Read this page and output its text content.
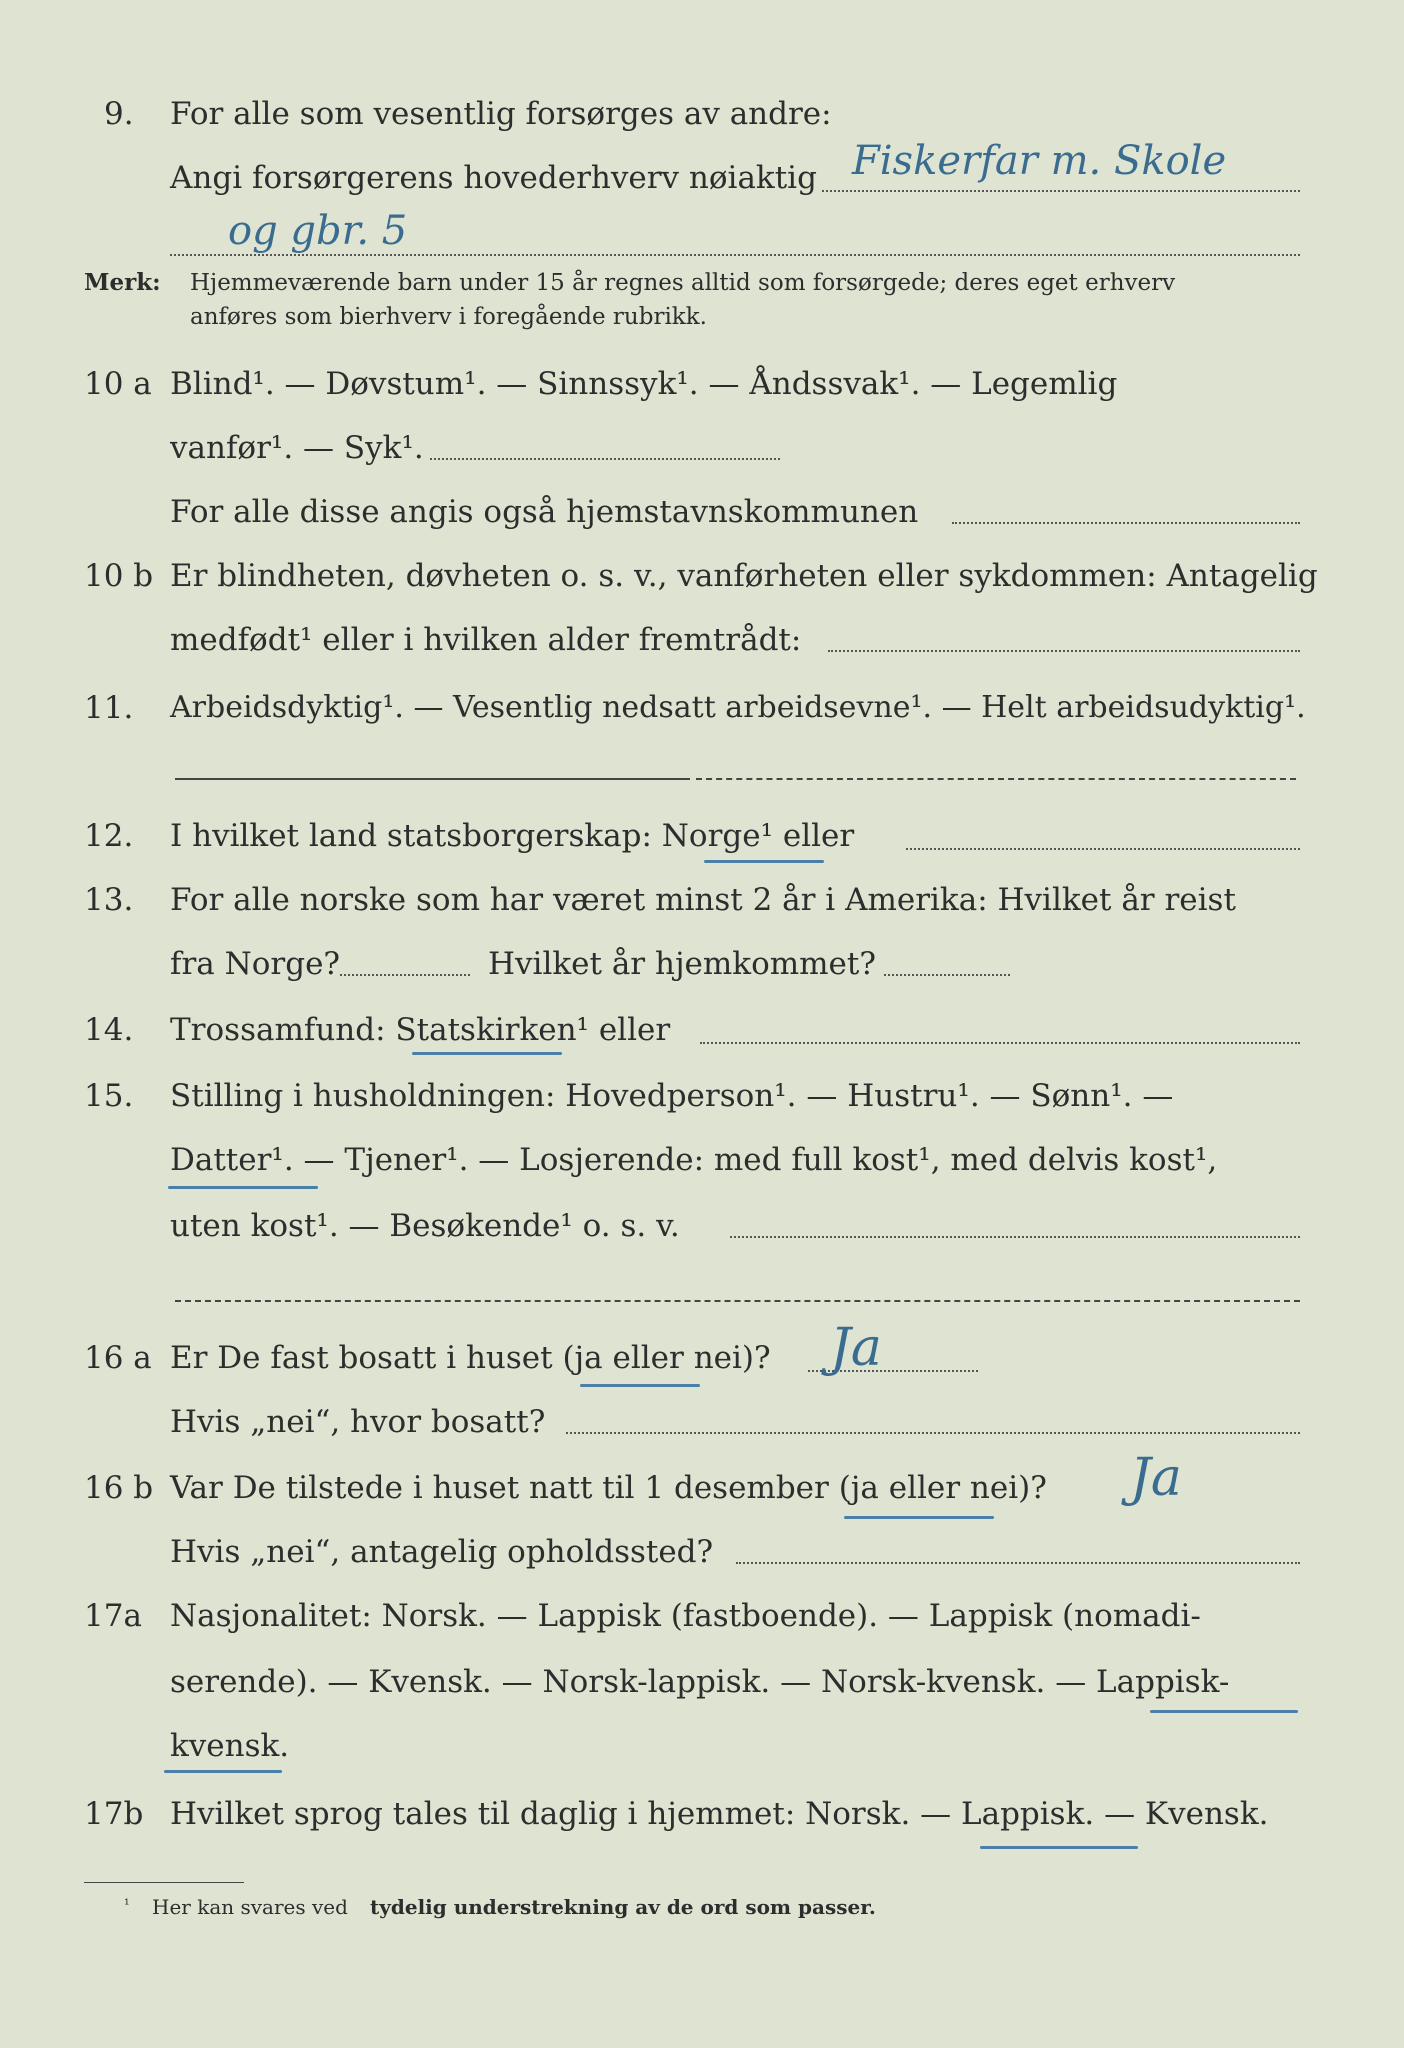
9. For alle som vesentlig forsørges av andre:
Angi forsørgerens hovederhverv nøiaktig Fiskerfar m. Skole
og gbr. 5
Merk: Hjemmeværende barn under 15 år regnes alltid som forsørgede; deres eget erhverv
anføres som bierhverv i foregående rubrikk.
10 a Blind¹. — Døvstum¹. — Sinnssyk¹. — Åndssvak¹. — Legemlig
vanfør¹. — Syk¹.
For alle disse angis også hjemstavnskommunen
10 b Er blindheten, døvheten o. s. v., vanførheten eller sykdommen: Antagelig
medfødt¹ eller i hvilken alder fremtrådt:
11. Arbeidsdyktig¹. — Vesentlig nedsatt arbeidsevne¹. — Helt arbeidsudyktig¹.
12. I hvilket land statsborgerskap: Norge¹ eller
13. For alle norske som har været minst 2 år i Amerika: Hvilket år reist
fra Norge?	Hvilket år hjemkommet?
14. Trossamfund: Statskirken¹ eller
15. Stilling i husholdningen: Hovedperson¹. — Hustru¹. — Sønn¹. —
Datter¹. — Tjener¹. — Losjerende: med full kost¹, med delvis kost¹,
uten kost¹. — Besøkende¹ o. s. v.
16 a Er De fast bosatt i huset (ja eller nei)? Ja
Hvis „nei“, hvor bosatt?
16 b Var De tilstede i huset natt til 1 desember (ja eller nei)? Ja
Hvis „nei“, antagelig opholdssted?
17a Nasjonalitet: Norsk. — Lappisk (fastboende). — Lappisk (nomadi-
serende). — Kvensk. — Norsk-lappisk. — Norsk-kvensk. — Lappisk-
kvensk.
17b Hvilket sprog tales til daglig i hjemmet: Norsk. — Lappisk. — Kvensk.
¹ Her kan svares ved tydelig understrekning av de ord som passer.
